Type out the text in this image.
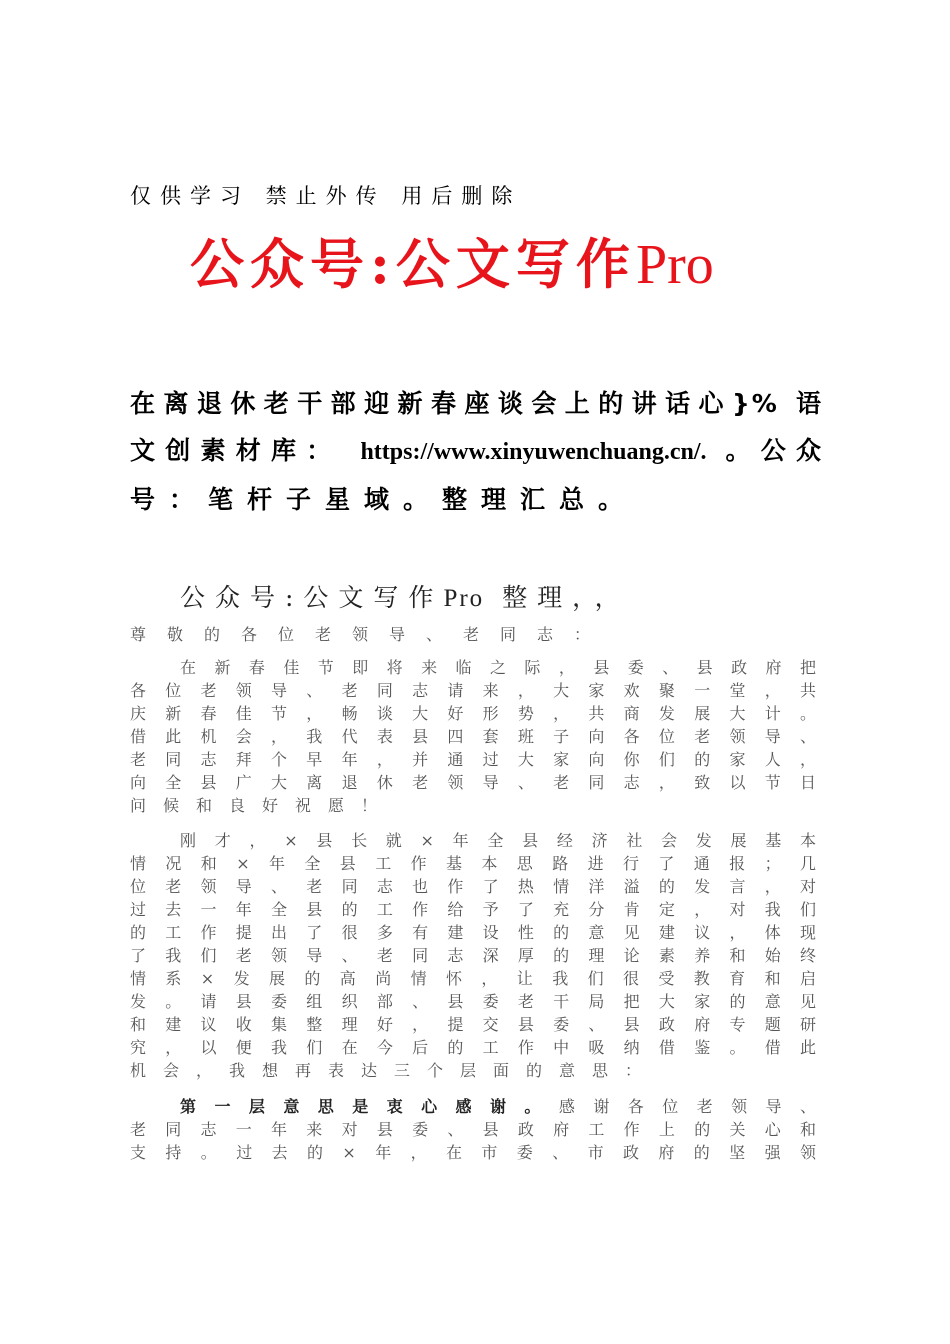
仅供学习 禁止外传 用后删除
公众号:公文写作Pro
在离退休老干部迎新春座谈会上的讲话心}% 语
文创素材库： https://www.xinyuwenchuang.cn/. 。公众
号：笔杆子星域。整理汇总。
公众号:公文写作Pro 整理，，
尊敬的各位老领导、老同志：
在新春佳节即将来临之际，县委、县政府把
各位老领导、老同志请来，大家欢聚一堂，共
庆新春佳节，畅谈大好形势，共商发展大计。
借此机会，我代表县四套班子向各位老领导、
老同志拜个早年，并通过大家向你们的家人，
向全县广大离退休老领导、老同志，致以节日
问候和良好祝愿！
刚才，×县长就×年全县经济社会发展基本
情况和×年全县工作基本思路进行了通报；几
位老领导、老同志也作了热情洋溢的发言，对
过去一年全县的工作给予了充分肯定，对我们
的工作提出了很多有建设性的意见建议，体现
了我们老领导、老同志深厚的理论素养和始终
情系×发展的高尚情怀，让我们很受教育和启
发。请县委组织部、县委老干局把大家的意见
和建议收集整理好，提交县委、县政府专题研
究，以便我们在今后的工作中吸纳借鉴。借此
机会，我想再表达三个层面的意思：
第一层意思是衷心感谢。感谢各位老领导、
老同志一年来对县委、县政府工作上的关心和
支持。过去的×年，在市委、市政府的坚强领
